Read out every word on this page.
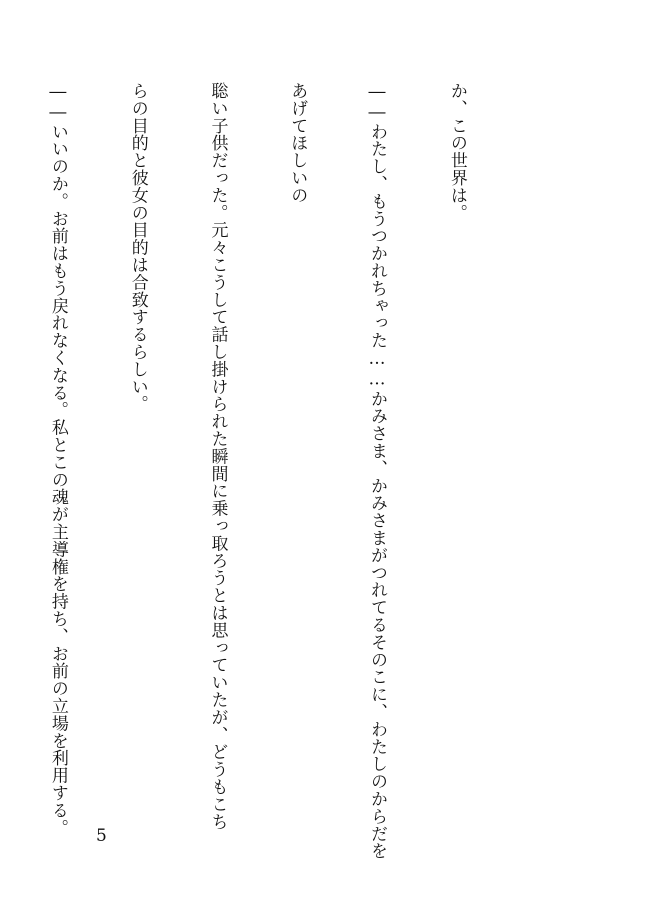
か、この世界は。

――わたし、もうつかれちゃった……かみさま、かみさまがつれてるそのこに、わたしのからだを

あげてほしいの

聡い子供だった。元々こうして話し掛けられた瞬間に乗っ取ろうとは思っていたが、どうもこち

らの目的と彼女の目的は合致するらしい。

――いいのか。お前はもう戻れなくなる。私とこの魂が主導権を持ち、お前の立場を利用する。

5
